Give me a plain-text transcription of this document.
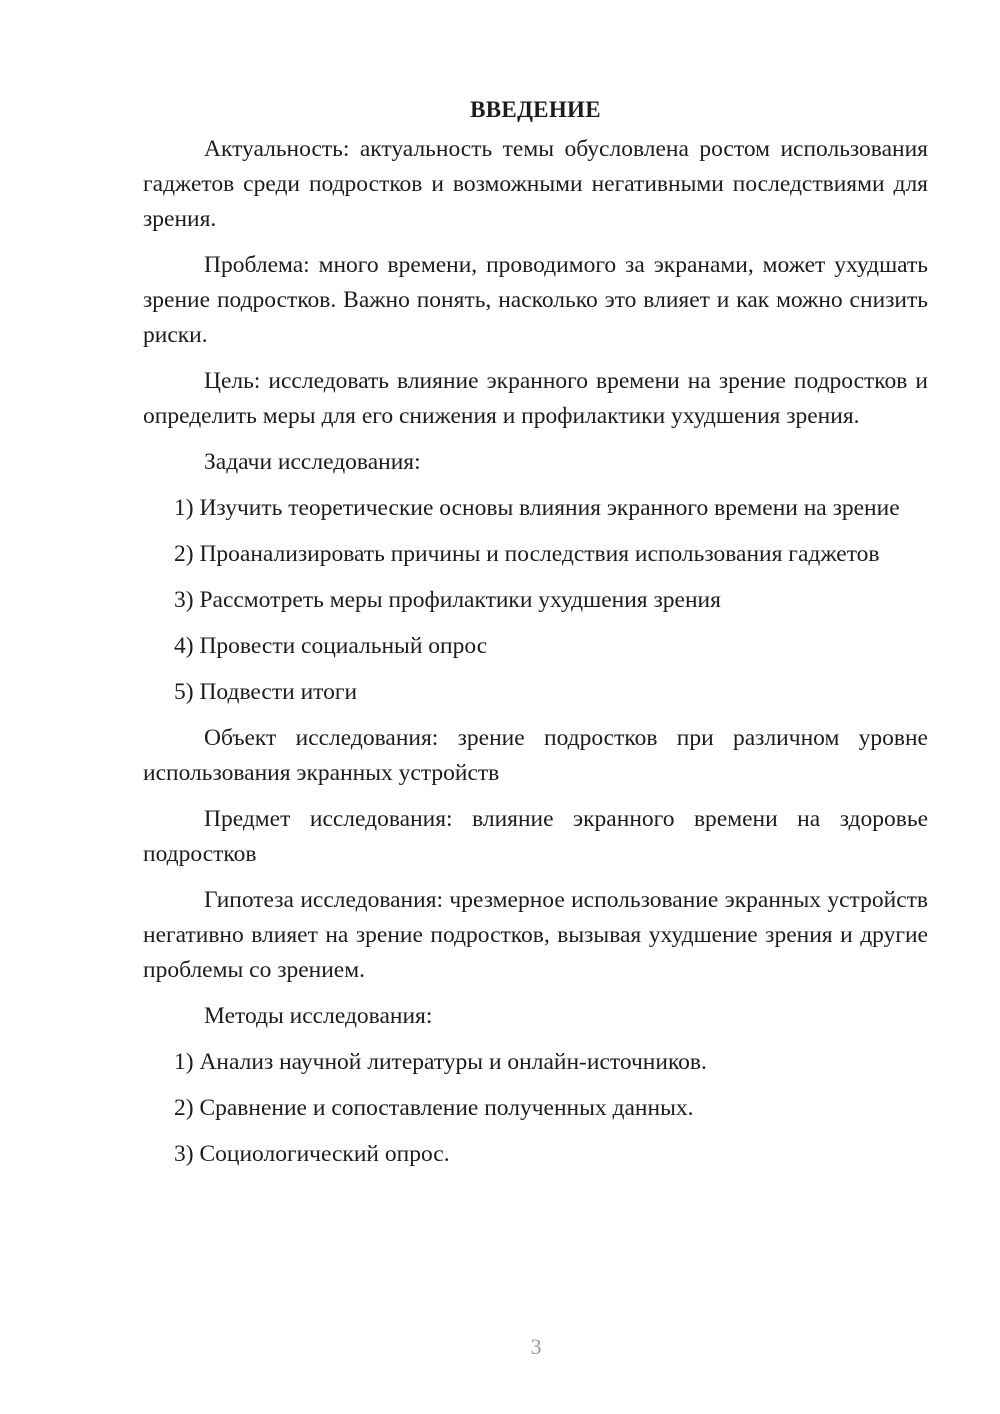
ВВЕДЕНИЕ
Актуальность: актуальность темы обусловлена ростом использования гаджетов среди подростков и возможными негативными последствиями для зрения.
Проблема: много времени, проводимого за экранами, может ухудшать зрение подростков. Важно понять, насколько это влияет и как можно снизить риски.
Цель: исследовать влияние экранного времени на зрение подростков и определить меры для его снижения и профилактики ухудшения зрения.
Задачи исследования:
1) Изучить теоретические основы влияния экранного времени на зрение
2) Проанализировать причины и последствия использования гаджетов
3) Рассмотреть меры профилактики ухудшения зрения
4) Провести социальный опрос
5) Подвести итоги
Объект исследования: зрение подростков при различном уровне использования экранных устройств
Предмет исследования: влияние экранного времени на здоровье подростков
Гипотеза исследования: чрезмерное использование экранных устройств негативно влияет на зрение подростков, вызывая ухудшение зрения и другие проблемы со зрением.
Методы исследования:
1) Анализ научной литературы и онлайн-источников.
2) Сравнение и сопоставление полученных данных.
3) Социологический опрос.
3
